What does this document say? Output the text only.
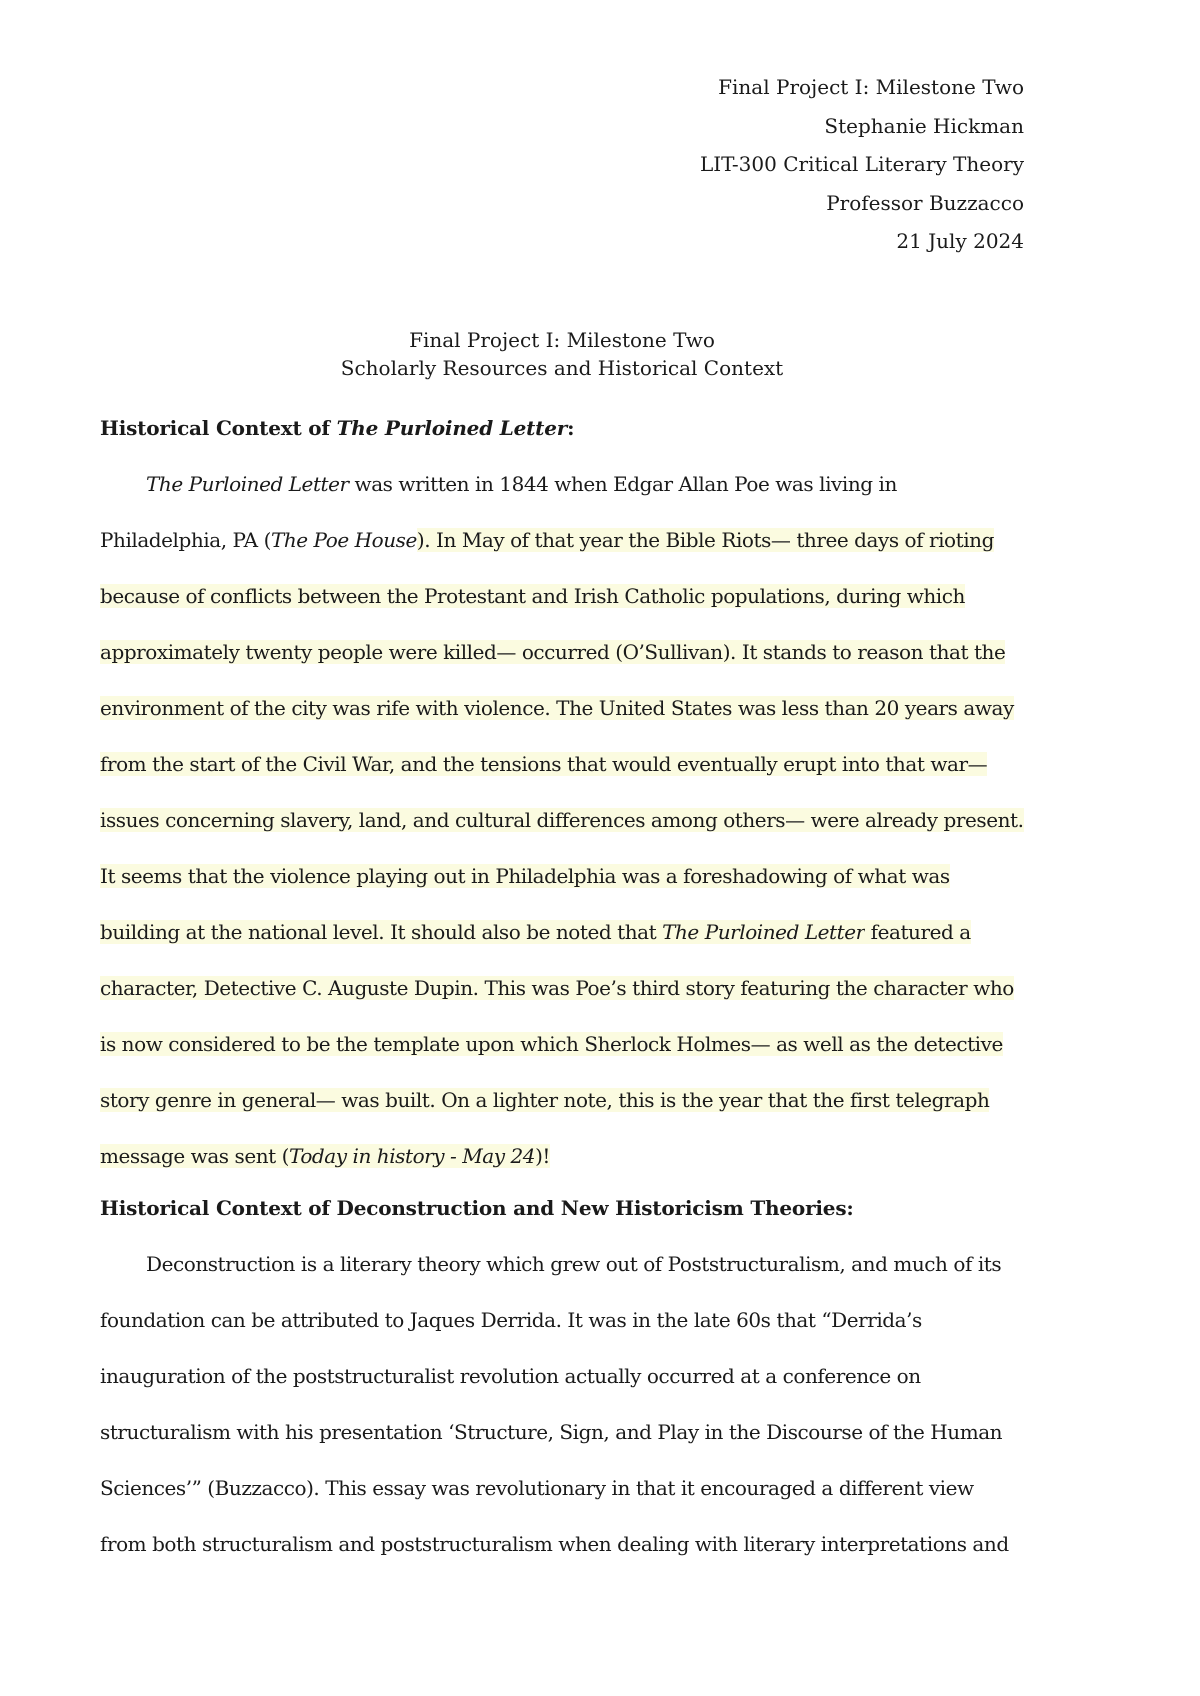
Final Project I: Milestone Two
Stephanie Hickman
LIT-300 Critical Literary Theory
Professor Buzzacco
21 July 2024
Final Project I: Milestone Two
Scholarly Resources and Historical Context
Historical Context of The Purloined Letter:
The Purloined Letter was written in 1844 when Edgar Allan Poe was living in
Philadelphia, PA (The Poe House). In May of that year the Bible Riots— three days of rioting
because of conflicts between the Protestant and Irish Catholic populations, during which
approximately twenty people were killed— occurred (O’Sullivan). It stands to reason that the
environment of the city was rife with violence. The United States was less than 20 years away
from the start of the Civil War, and the tensions that would eventually erupt into that war—
issues concerning slavery, land, and cultural differences among others— were already present.
It seems that the violence playing out in Philadelphia was a foreshadowing of what was
building at the national level. It should also be noted that The Purloined Letter featured a
character, Detective C. Auguste Dupin. This was Poe’s third story featuring the character who
is now considered to be the template upon which Sherlock Holmes— as well as the detective
story genre in general— was built. On a lighter note, this is the year that the first telegraph
message was sent (Today in history - May 24)!
Historical Context of Deconstruction and New Historicism Theories:
Deconstruction is a literary theory which grew out of Poststructuralism, and much of its
foundation can be attributed to Jaques Derrida. It was in the late 60s that “Derrida’s
inauguration of the poststructuralist revolution actually occurred at a conference on
structuralism with his presentation ‘Structure, Sign, and Play in the Discourse of the Human
Sciences’” (Buzzacco). This essay was revolutionary in that it encouraged a different view
from both structuralism and poststructuralism when dealing with literary interpretations and
